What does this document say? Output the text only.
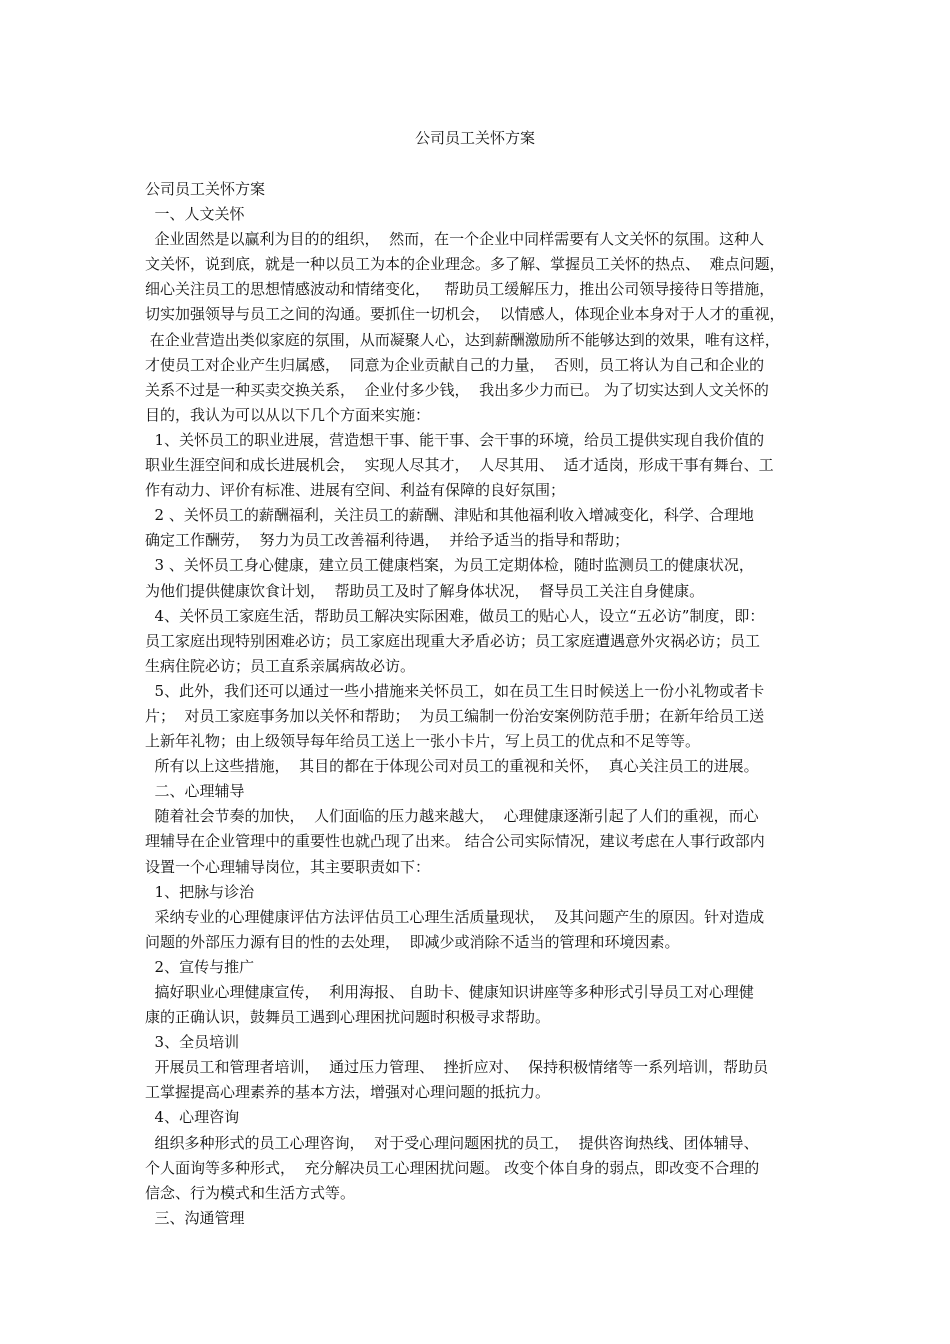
公司员工关怀方案
公司员工关怀方案
一、人文关怀
企业固然是以赢利为目的的组织，  然而，在一个企业中同样需要有人文关怀的氛围。这种人
文关怀，说到底，就是一种以员工为本的企业理念。多了解、掌握员工关怀的热点、  难点问题，
细心关注员工的思想情感波动和情绪变化，   帮助员工缓解压力，推出公司领导接待日等措施，
切实加强领导与员工之间的沟通。要抓住一切机会，  以情感人，体现企业本身对于人才的重视，
在企业营造出类似家庭的氛围，从而凝聚人心，达到薪酬激励所不能够达到的效果，唯有这样，
才使员工对企业产生归属感，  同意为企业贡献自己的力量，  否则，员工将认为自己和企业的
关系不过是一种买卖交换关系，  企业付多少钱，  我出多少力而已。 为了切实达到人文关怀的
目的，我认为可以从以下几个方面来实施：
1、关怀员工的职业进展，营造想干事、能干事、会干事的环境，给员工提供实现自我价值的
职业生涯空间和成长进展机会，  实现人尽其才，  人尽其用、  适才适岗，形成干事有舞台、工
作有动力、评价有标准、进展有空间、利益有保障的良好氛围；
2 、关怀员工的薪酬福利，关注员工的薪酬、津贴和其他福利收入增减变化，科学、合理地
确定工作酬劳，  努力为员工改善福利待遇，  并给予适当的指导和帮助；
3 、关怀员工身心健康，建立员工健康档案，为员工定期体检，随时监测员工的健康状况，
为他们提供健康饮食计划，  帮助员工及时了解身体状况，  督导员工关注自身健康。
4、关怀员工家庭生活，帮助员工解决实际困难，做员工的贴心人，设立“五必访”制度，即：
员工家庭出现特别困难必访；员工家庭出现重大矛盾必访；员工家庭遭遇意外灾祸必访；员工
生病住院必访；员工直系亲属病故必访。
5、此外，我们还可以通过一些小措施来关怀员工，如在员工生日时候送上一份小礼物或者卡
片；  对员工家庭事务加以关怀和帮助；  为员工编制一份治安案例防范手册；在新年给员工送
上新年礼物；由上级领导每年给员工送上一张小卡片，写上员工的优点和不足等等。
所有以上这些措施，  其目的都在于体现公司对员工的重视和关怀，  真心关注员工的进展。
二、心理辅导
随着社会节奏的加快，  人们面临的压力越来越大，  心理健康逐渐引起了人们的重视，而心
理辅导在企业管理中的重要性也就凸现了出来。 结合公司实际情况，建议考虑在人事行政部内
设置一个心理辅导岗位，其主要职责如下：
1、把脉与诊治
采纳专业的心理健康评估方法评估员工心理生活质量现状，  及其问题产生的原因。针对造成
问题的外部压力源有目的性的去处理，  即减少或消除不适当的管理和环境因素。
2、宣传与推广
搞好职业心理健康宣传，  利用海报、 自助卡、健康知识讲座等多种形式引导员工对心理健
康的正确认识，鼓舞员工遇到心理困扰问题时积极寻求帮助。
3、全员培训
开展员工和管理者培训，  通过压力管理、  挫折应对、  保持积极情绪等一系列培训，帮助员
工掌握提高心理素养的基本方法，增强对心理问题的抵抗力。
4、心理咨询
组织多种形式的员工心理咨询，  对于受心理问题困扰的员工，  提供咨询热线、团体辅导、
个人面询等多种形式，  充分解决员工心理困扰问题。 改变个体自身的弱点，即改变不合理的
信念、行为模式和生活方式等。
三、沟通管理
